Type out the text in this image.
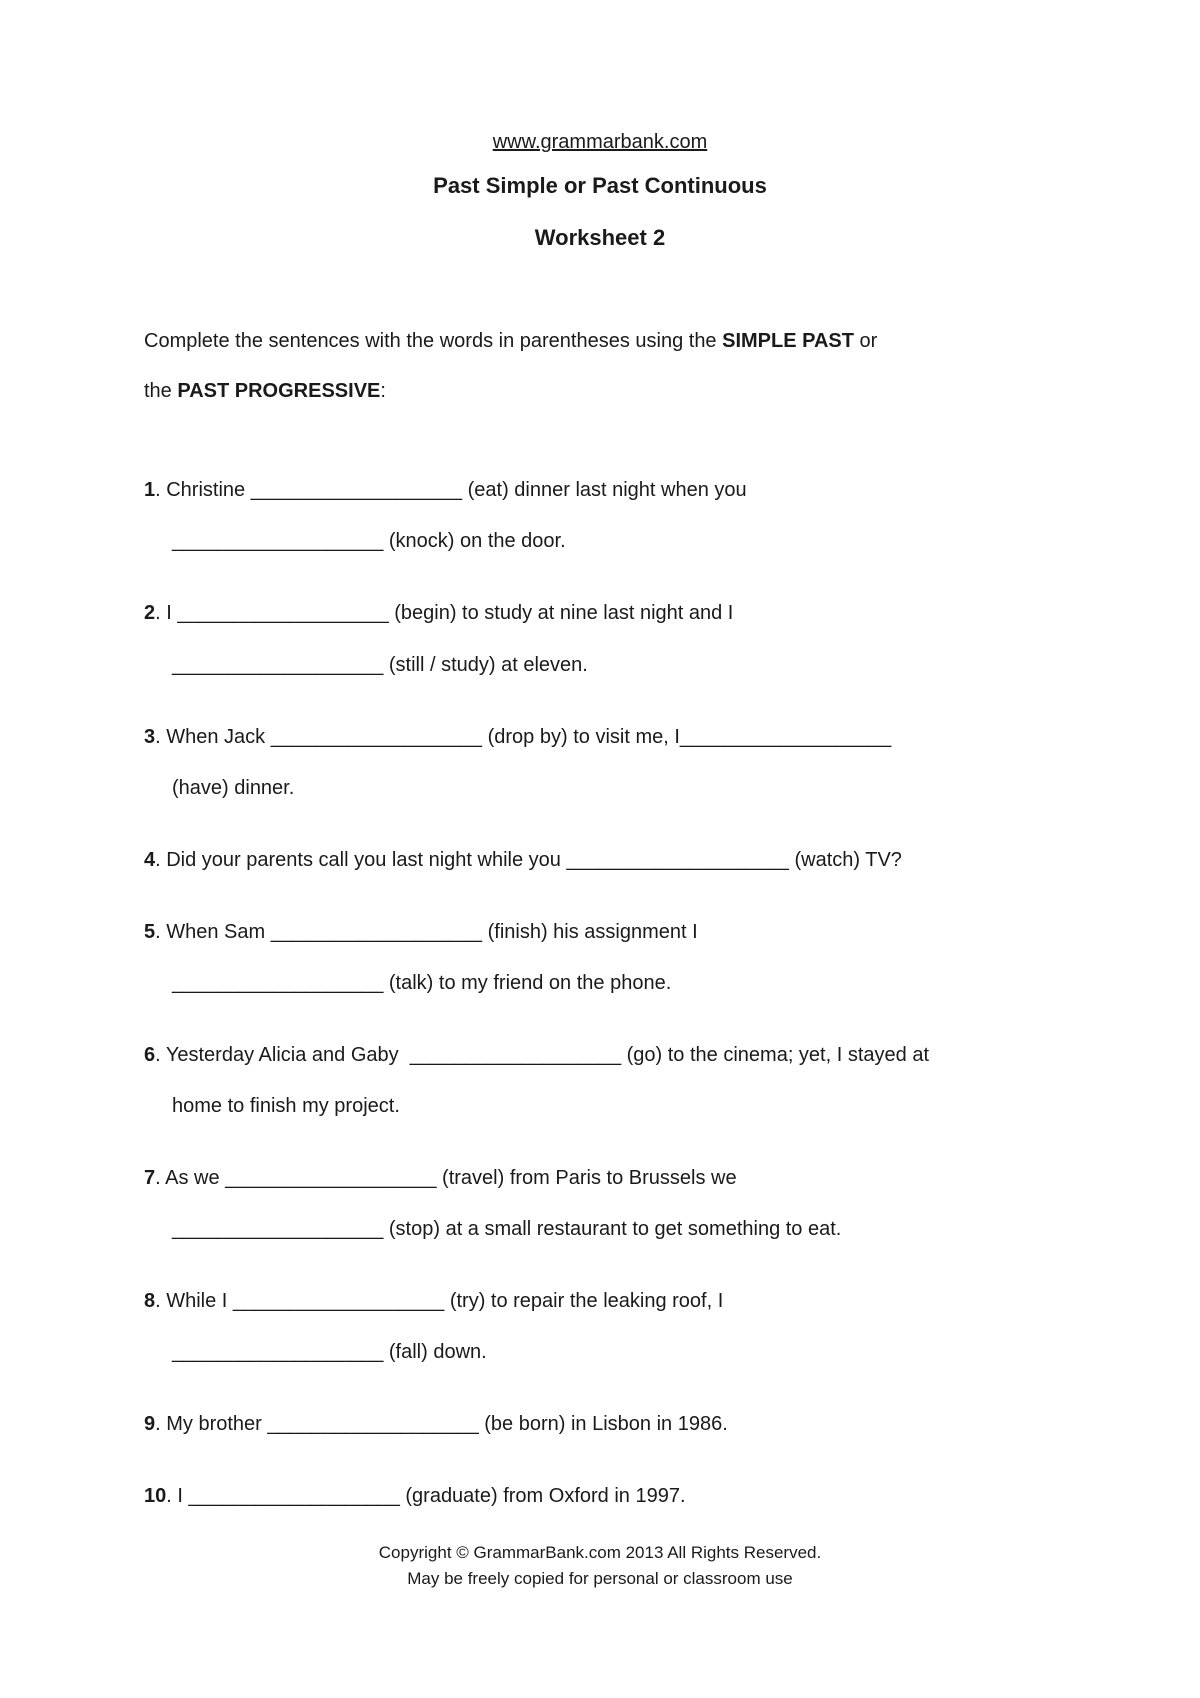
www.grammarbank.com
Past Simple or Past Continuous
Worksheet 2
Complete the sentences with the words in parentheses using the SIMPLE PAST or
the PAST PROGRESSIVE:
1. Christine ___________________ (eat) dinner last night when you
___________________ (knock) on the door.
2. I ___________________ (begin) to study at nine last night and I
___________________ (still / study) at eleven.
3. When Jack ___________________ (drop by) to visit me, I___________________
(have) dinner.
4. Did your parents call you last night while you ____________________ (watch) TV?
5. When Sam ___________________ (finish) his assignment I
___________________ (talk) to my friend on the phone.
6. Yesterday Alicia and Gaby  ___________________ (go) to the cinema; yet, I stayed at
home to finish my project.
7. As we ___________________ (travel) from Paris to Brussels we
___________________ (stop) at a small restaurant to get something to eat.
8. While I ___________________ (try) to repair the leaking roof, I
___________________ (fall) down.
9. My brother ___________________ (be born) in Lisbon in 1986.
10. I ___________________ (graduate) from Oxford in 1997.
Copyright © GrammarBank.com 2013 All Rights Reserved.
May be freely copied for personal or classroom use
